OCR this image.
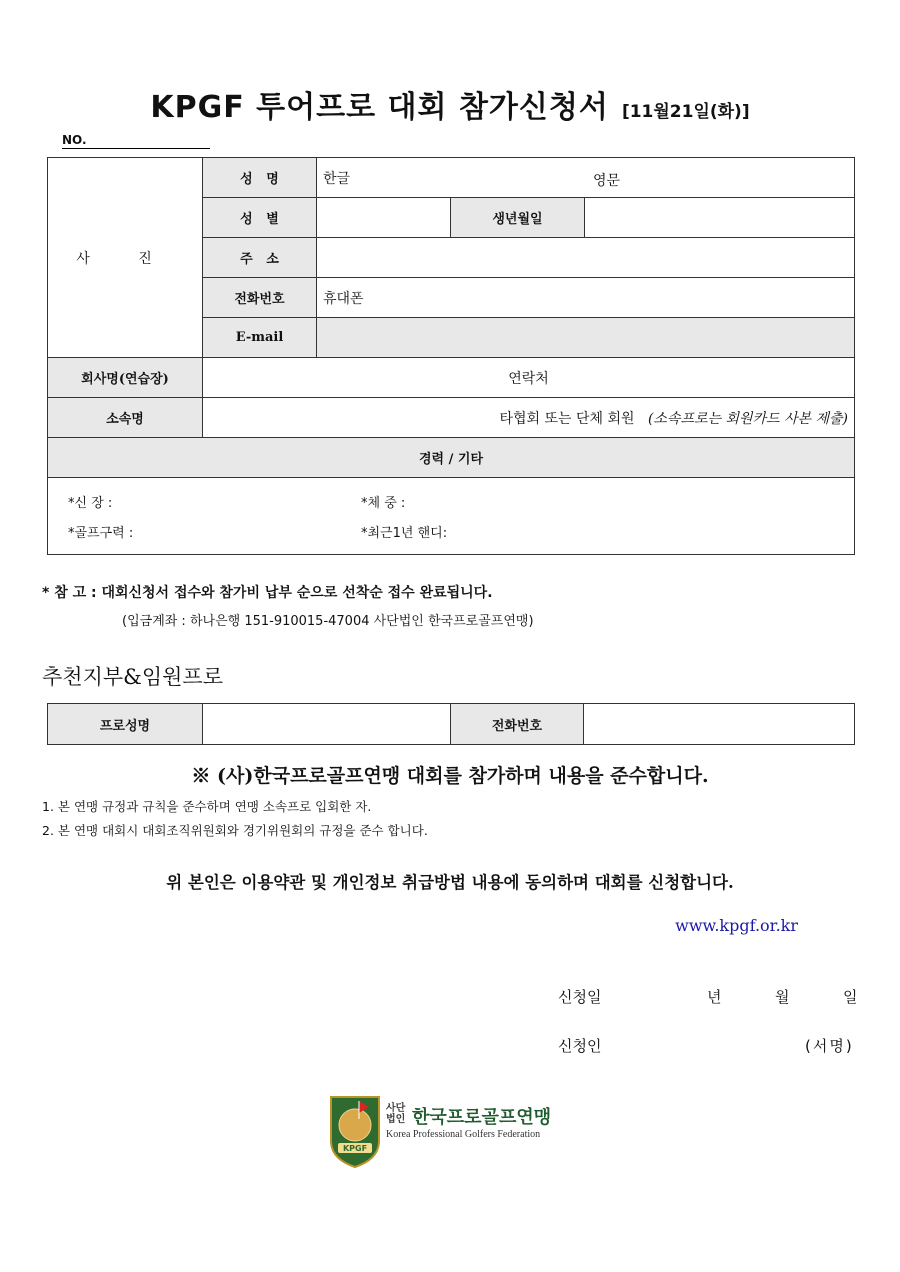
KPGF 투어프로 대회 참가신청서 [11월21일(화)]
NO.
사 진	성   명	한글 영문		

	성   별		생년월일	
	주   소			
	전화번호	휴대폰		
	E-mail			
회사명(연습장)	연락처			
소속명	타협회 또는 단체 회원 (소속프로는 회원카드 사본 제출)			
경력 / 기타				

*신 장 : *체 중 :
*골프구력 : *최근1년 핸디:				
* 참 고 : 대회신청서 접수와 참가비 납부 순으로 선착순 접수 완료됩니다.
(입금계좌 : 하나은행 151-910015-47004 사단법인 한국프로골프연맹)
추천지부&임원프로
프로성명		전화번호	
※ (사)한국프로골프연맹 대회를 참가하며 내용을 준수합니다.
1. 본 연맹 규정과 규칙을 준수하며 연맹 소속프로 입회한 자.
2. 본 연맹 대회시 대회조직위원회와 경기위원회의 규정을 준수 합니다.
위 본인은 이용약관 및 개인정보 취급방법 내용에 동의하며 대회를 신청합니다.
www.kpgf.or.kr
신청일	년	월	일
신청인	(서명)
KPGF
사단
법인 한국프로골프연맹
Korea Professional Golfers Federation
